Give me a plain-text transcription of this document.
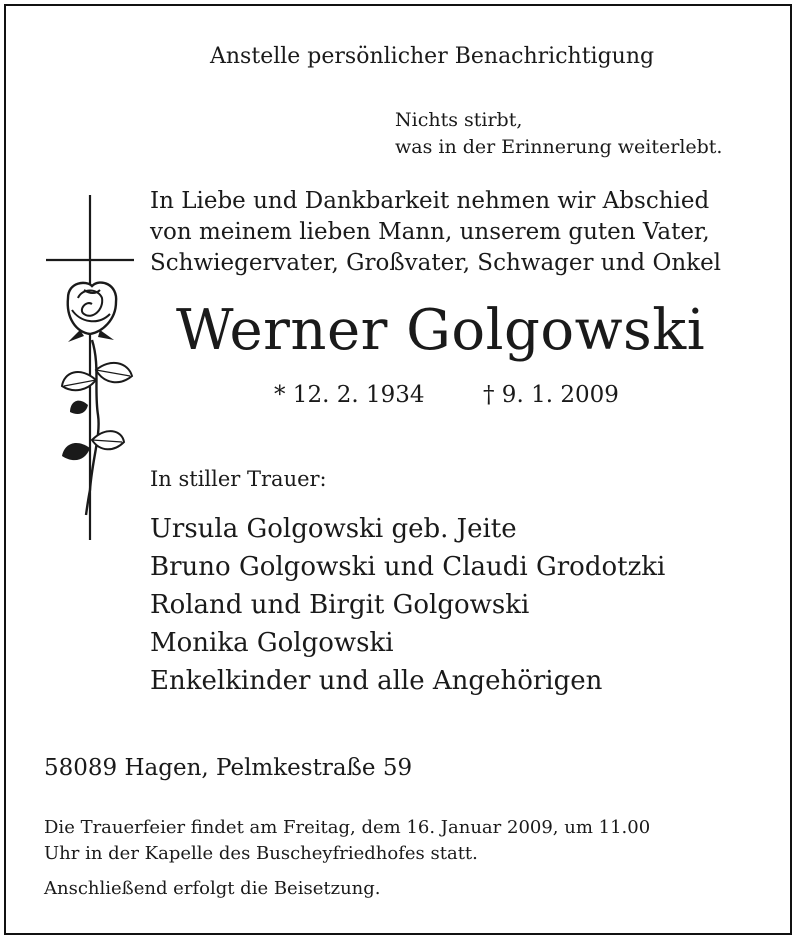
Anstelle persönlicher Benachrichtigung
Nichts stirbt,
was in der Erinnerung weiterlebt.
In Liebe und Dankbarkeit nehmen wir Abschied
von meinem lieben Mann, unserem guten Vater,
Schwiegervater, Großvater, Schwager und Onkel
Werner Golgowski
* 12. 2. 1934	† 9. 1. 2009
In stiller Trauer:
Ursula Golgowski geb. Jeite
Bruno Golgowski und Claudi Grodotzki
Roland und Birgit Golgowski
Monika Golgowski
Enkelkinder und alle Angehörigen
58089 Hagen, Pelmkestraße 59
Die Trauerfeier findet am Freitag, dem 16. Januar 2009, um 11.00
Uhr in der Kapelle des Buscheyfriedhofes statt.
Anschließend erfolgt die Beisetzung.
